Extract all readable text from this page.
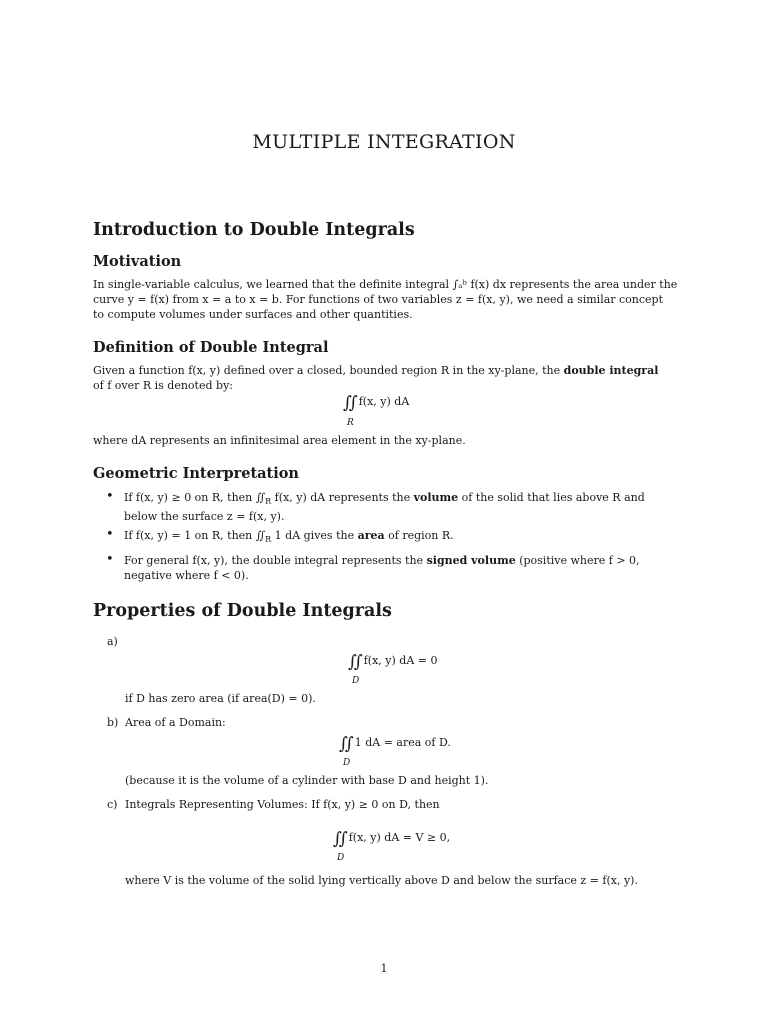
MULTIPLE INTEGRATION
Introduction to Double Integrals
Motivation
In single-variable calculus, we learned that the definite integral ∫ₐᵇ f(x) dx represents the area under the
curve y = f(x) from x = a to x = b. For functions of two variables z = f(x, y), we need a similar concept
to compute volumes under surfaces and other quantities.
Definition of Double Integral
Given a function f(x, y) defined over a closed, bounded region R in the xy-plane, the double integral
of f over R is denoted by:
∫∫ f(x, y) dA
R
where dA represents an infinitesimal area element in the xy-plane.
Geometric Interpretation
• If f(x, y) ≥ 0 on R, then $∬_R$ f(x, y) dA represents the volume of the solid that lies above R and
below the surface z = f(x, y).
• If f(x, y) = 1 on R, then $∬_R$ 1 dA gives the area of region R.
• For general f(x, y), the double integral represents the signed volume (positive where f > 0,
negative where f < 0).
Properties of Double Integrals
a)
∫∫ f(x, y) dA = 0
D
if D has zero area (if area(D) = 0).
b) Area of a Domain:
∫∫ 1 dA = area of D.
D
(because it is the volume of a cylinder with base D and height 1).
c) Integrals Representing Volumes: If f(x, y) ≥ 0 on D, then
∫∫ f(x, y) dA = V ≥ 0,
D
where V is the volume of the solid lying vertically above D and below the surface z = f(x, y).
1
